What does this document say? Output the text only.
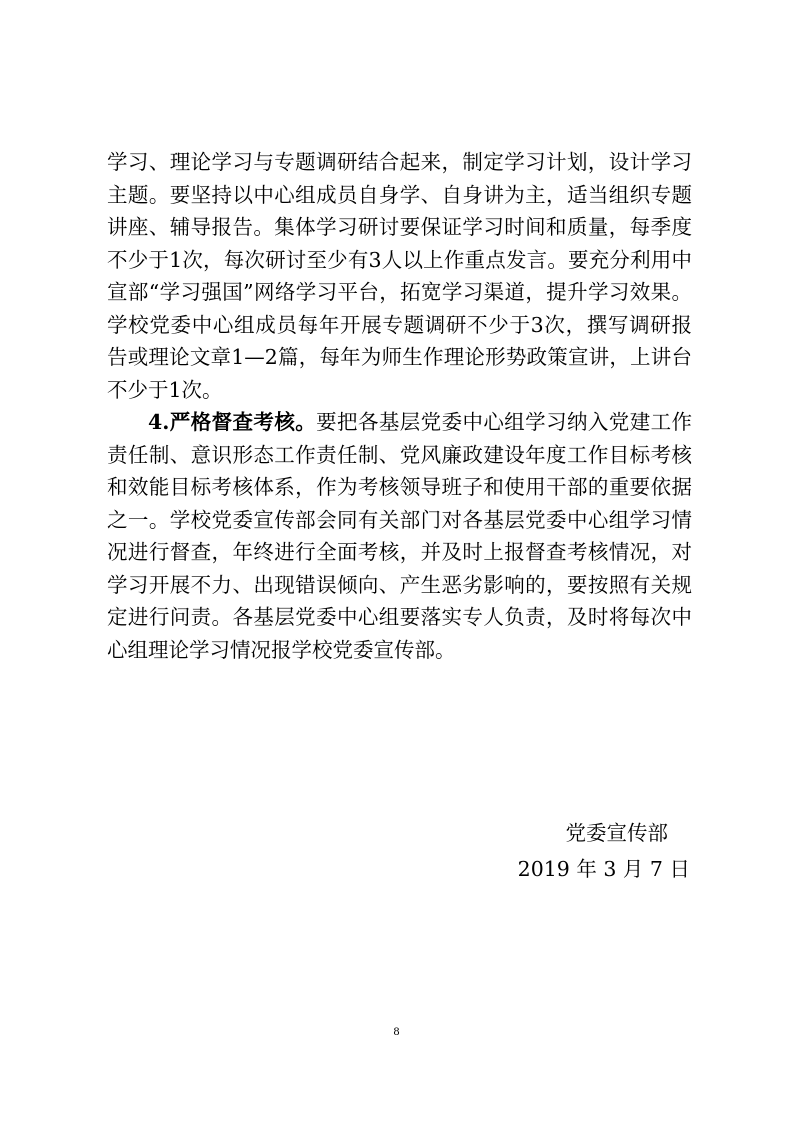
学习、理论学习与专题调研结合起来，制定学习计划，设计学习主题。要坚持以中心组成员自身学、自身讲为主，适当组织专题讲座、辅导报告。集体学习研讨要保证学习时间和质量，每季度不少于1次，每次研讨至少有3人以上作重点发言。要充分利用中宣部“学习强国”网络学习平台，拓宽学习渠道，提升学习效果。学校党委中心组成员每年开展专题调研不少于3次，撰写调研报告或理论文章1—2篇，每年为师生作理论形势政策宣讲，上讲台不少于1次。

4.严格督查考核。要把各基层党委中心组学习纳入党建工作责任制、意识形态工作责任制、党风廉政建设年度工作目标考核和效能目标考核体系，作为考核领导班子和使用干部的重要依据之一。学校党委宣传部会同有关部门对各基层党委中心组学习情况进行督查，年终进行全面考核，并及时上报督查考核情况，对学习开展不力、出现错误倾向、产生恶劣影响的，要按照有关规定进行问责。各基层党委中心组要落实专人负责，及时将每次中心组理论学习情况报学校党委宣传部。

党委宣传部
2019 年 3 月 7 日
8
